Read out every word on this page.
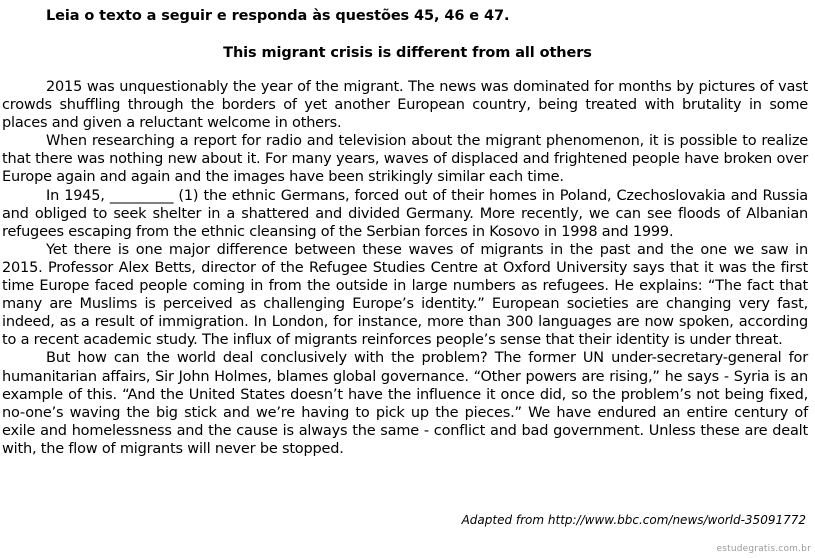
Leia o texto a seguir e responda às questões 45, 46 e 47.
This migrant crisis is different from all others

2015 was unquestionably the year of the migrant. The news was dominated for months by pictures of vast crowds shuffling through the borders of yet another European country, being treated with brutality in some places and given a reluctant welcome in others.

When researching a report for radio and television about the migrant phenomenon, it is possible to realize that there was nothing new about it. For many years, waves of displaced and frightened people have broken over Europe again and again and the images have been strikingly similar each time.

In 1945, _________ (1) the ethnic Germans, forced out of their homes in Poland, Czechoslovakia and Russia and obliged to seek shelter in a shattered and divided Germany. More recently, we can see floods of Albanian refugees escaping from the ethnic cleansing of the Serbian forces in Kosovo in 1998 and 1999.

Yet there is one major difference between these waves of migrants in the past and the one we saw in 2015. Professor Alex Betts, director of the Refugee Studies Centre at Oxford University says that it was the first time Europe faced people coming in from the outside in large numbers as refugees. He explains: “The fact that many are Muslims is perceived as challenging Europe’s identity.” European societies are changing very fast, indeed, as a result of immigration. In London, for instance, more than 300 languages are now spoken, according to a recent academic study. The influx of migrants reinforces people’s sense that their identity is under threat.

But how can the world deal conclusively with the problem? The former UN under-secretary-general for humanitarian affairs, Sir John Holmes, blames global governance. “Other powers are rising,” he says - Syria is an example of this. “And the United States doesn’t have the influence it once did, so the problem’s not being fixed, no-one’s waving the big stick and we’re having to pick up the pieces.” We have endured an entire century of exile and homelessness and the cause is always the same - conflict and bad government. Unless these are dealt with, the flow of migrants will never be stopped.

Adapted from http://www.bbc.com/news/world-35091772
estudegratis.com.br
